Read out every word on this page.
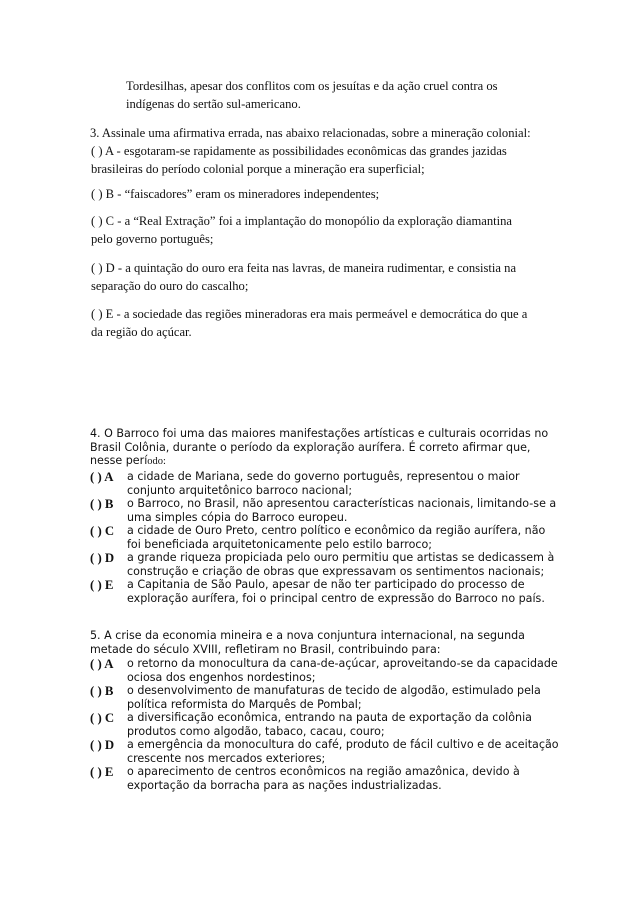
Tordesilhas, apesar dos conflitos com os jesuítas e da ação cruel contra os
indígenas do sertão sul-americano.
3. Assinale uma afirmativa errada, nas abaixo relacionadas, sobre a mineração colonial:
( ) A - esgotaram-se rapidamente as possibilidades econômicas das grandes jazidas
brasileiras do período colonial porque a mineração era superficial;
( ) B - “faiscadores” eram os mineradores independentes;
( ) C - a “Real Extração” foi a implantação do monopólio da exploração diamantina
pelo governo português;
( ) D - a quintação do ouro era feita nas lavras, de maneira rudimentar, e consistia na
separação do ouro do cascalho;
( ) E - a sociedade das regiões mineradoras era mais permeável e democrática do que a
da região do açúcar.
4. O Barroco foi uma das maiores manifestações artísticas e culturais ocorridas no
Brasil Colônia, durante o período da exploração aurífera. É correto afirmar que,
nesse período:
( ) A a cidade de Mariana, sede do governo português, representou o maior
conjunto arquitetônico barroco nacional;
( ) B o Barroco, no Brasil, não apresentou características nacionais, limitando-se a
uma simples cópia do Barroco europeu.
( ) C a cidade de Ouro Preto, centro político e econômico da região aurífera, não
foi beneficiada arquitetonicamente pelo estilo barroco;
( ) D a grande riqueza propiciada pelo ouro permitiu que artistas se dedicassem à
construção e criação de obras que expressavam os sentimentos nacionais;
( ) E a Capitania de São Paulo, apesar de não ter participado do processo de
exploração aurífera, foi o principal centro de expressão do Barroco no país.
5. A crise da economia mineira e a nova conjuntura internacional, na segunda
metade do século XVIII, refletiram no Brasil, contribuindo para:
( ) A o retorno da monocultura da cana-de-açúcar, aproveitando-se da capacidade
ociosa dos engenhos nordestinos;
( ) B o desenvolvimento de manufaturas de tecido de algodão, estimulado pela
política reformista do Marquês de Pombal;
( ) C a diversificação econômica, entrando na pauta de exportação da colônia
produtos como algodão, tabaco, cacau, couro;
( ) D a emergência da monocultura do café, produto de fácil cultivo e de aceitação
crescente nos mercados exteriores;
( ) E o aparecimento de centros econômicos na região amazônica, devido à
exportação da borracha para as nações industrializadas.
